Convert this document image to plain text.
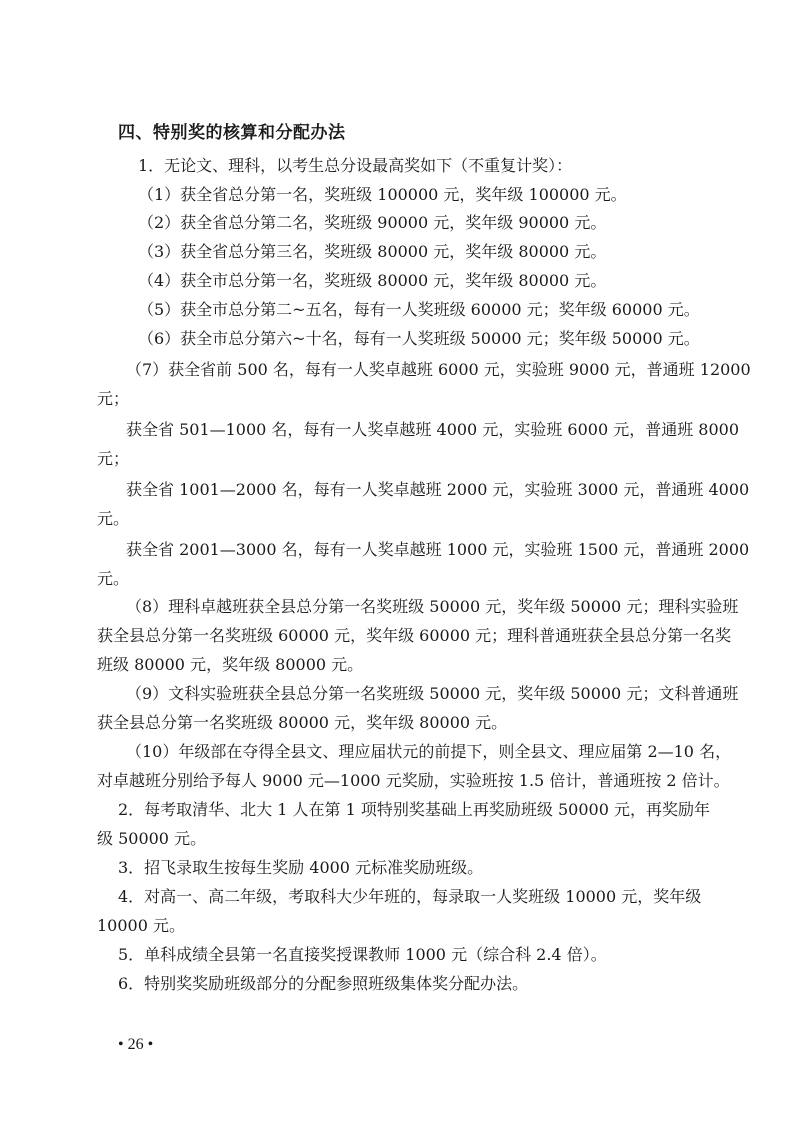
四、特别奖的核算和分配办法

1．无论文、理科，以考生总分设最高奖如下（不重复计奖）：

（1）获全省总分第一名，奖班级 100000 元，奖年级 100000 元。

（2）获全省总分第二名，奖班级 90000 元，奖年级 90000 元。

（3）获全省总分第三名，奖班级 80000 元，奖年级 80000 元。

（4）获全市总分第一名，奖班级 80000 元，奖年级 80000 元。

（5）获全市总分第二~五名，每有一人奖班级 60000 元；奖年级 60000 元。

（6）获全市总分第六~十名，每有一人奖班级 50000 元；奖年级 50000 元。

（7）获全省前 500 名，每有一人奖卓越班 6000 元，实验班 9000 元，普通班 12000

元；

获全省 501—1000 名，每有一人奖卓越班 4000 元，实验班 6000 元，普通班 8000

元；

获全省 1001—2000 名，每有一人奖卓越班 2000 元，实验班 3000 元，普通班 4000

元。

获全省 2001—3000 名，每有一人奖卓越班 1000 元，实验班 1500 元，普通班 2000

元。

（8）理科卓越班获全县总分第一名奖班级 50000 元，奖年级 50000 元；理科实验班

获全县总分第一名奖班级 60000 元，奖年级 60000 元；理科普通班获全县总分第一名奖

班级 80000 元，奖年级 80000 元。

（9）文科实验班获全县总分第一名奖班级 50000 元，奖年级 50000 元；文科普通班

获全县总分第一名奖班级 80000 元，奖年级 80000 元。

（10）年级部在夺得全县文、理应届状元的前提下，则全县文、理应届第 2—10 名，

对卓越班分别给予每人 9000 元—1000 元奖励，实验班按 1.5 倍计，普通班按 2 倍计。

2．每考取清华、北大 1 人在第 1 项特别奖基础上再奖励班级 50000 元，再奖励年

级 50000 元。

3．招飞录取生按每生奖励 4000 元标准奖励班级。

4．对高一、高二年级，考取科大少年班的，每录取一人奖班级 10000 元，奖年级

10000 元。

5．单科成绩全县第一名直接奖授课教师 1000 元（综合科 2.4 倍）。

6．特别奖奖励班级部分的分配参照班级集体奖分配办法。

• 26 •
